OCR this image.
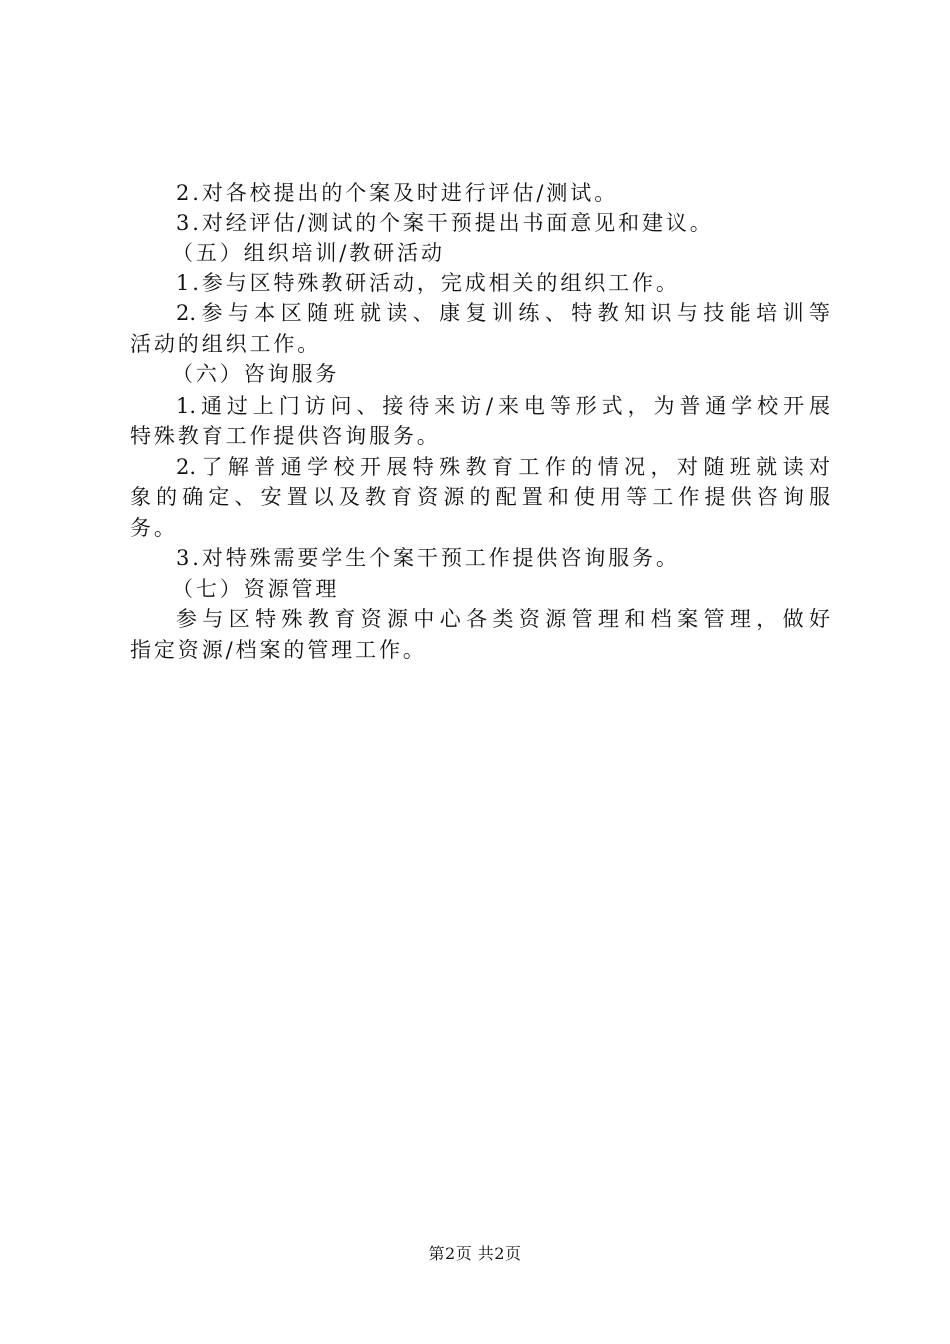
2.对各校提出的个案及时进行评估/测试。
3.对经评估/测试的个案干预提出书面意见和建议。
（五）组织培训/教研活动
1.参与区特殊教研活动，完成相关的组织工作。
2.参与本区随班就读、康复训练、特教知识与技能培训等
活动的组织工作。
（六）咨询服务
1.通过上门访问、接待来访/来电等形式，为普通学校开展
特殊教育工作提供咨询服务。
2.了解普通学校开展特殊教育工作的情况，对随班就读对
象的确定、安置以及教育资源的配置和使用等工作提供咨询服
务。
3.对特殊需要学生个案干预工作提供咨询服务。
（七）资源管理
参与区特殊教育资源中心各类资源管理和档案管理，做好
指定资源/档案的管理工作。
第2页 共2页
